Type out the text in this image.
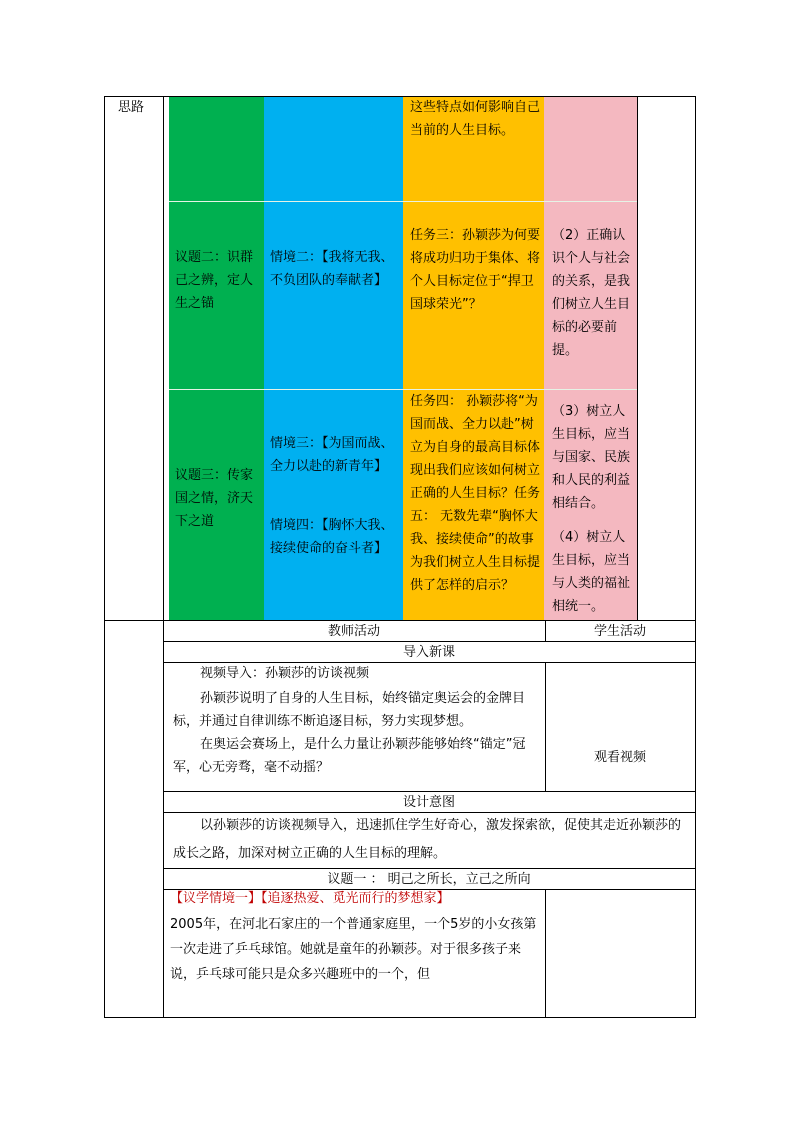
思路	这些特点如何影响自己当前的人生目标。
议题二：识群己之辨，定人生之锚
情境二：【我将无我、不负团队的奉献者】
任务三：孙颖莎为何要将成功归功于集体、将个人目标定位于“捍卫国球荣光”？
（2）正确认识个人与社会的关系，是我们树立人生目标的必要前提。
议题三：传家国之情，济天下之道
情境三：【为国而战、全力以赴的新青年】
情境四：【胸怀大我、接续使命的奋斗者】
任务四： 孙颖莎将“为国而战、全力以赴”树立为自身的最高目标体现出我们应该如何树立正确的人生目标？任务五： 无数先辈“胸怀大我、接续使命”的故事为我们树立人生目标提供了怎样的启示？
（3）树立人生目标，应当与国家、民族和人民的利益相结合。
（4）树立人生目标，应当与人类的福祉相统一。
教师活动	学生活动
导入新课
视频导入：孙颖莎的访谈视频
孙颖莎说明了自身的人生目标，始终锚定奥运会的金牌目标，并通过自律训练不断追逐目标，努力实现梦想。
在奥运会赛场上，是什么力量让孙颖莎能够始终“锚定”冠军，心无旁骛，毫不动摇？
观看视频
设计意图
以孙颖莎的访谈视频导入，迅速抓住学生好奇心，激发探索欲，促使其走近孙颖莎的成长之路，加深对树立正确的人生目标的理解。
议题一 ： 明己之所长，立己之所向
【议学情境一】【追逐热爱、觅光而行的梦想家】
2005年，在河北石家庄的一个普通家庭里，一个5岁的小女孩第一次走进了乒乓球馆。她就是童年的孙颖莎。对于很多孩子来说，乒乓球可能只是众多兴趣班中的一个，但
